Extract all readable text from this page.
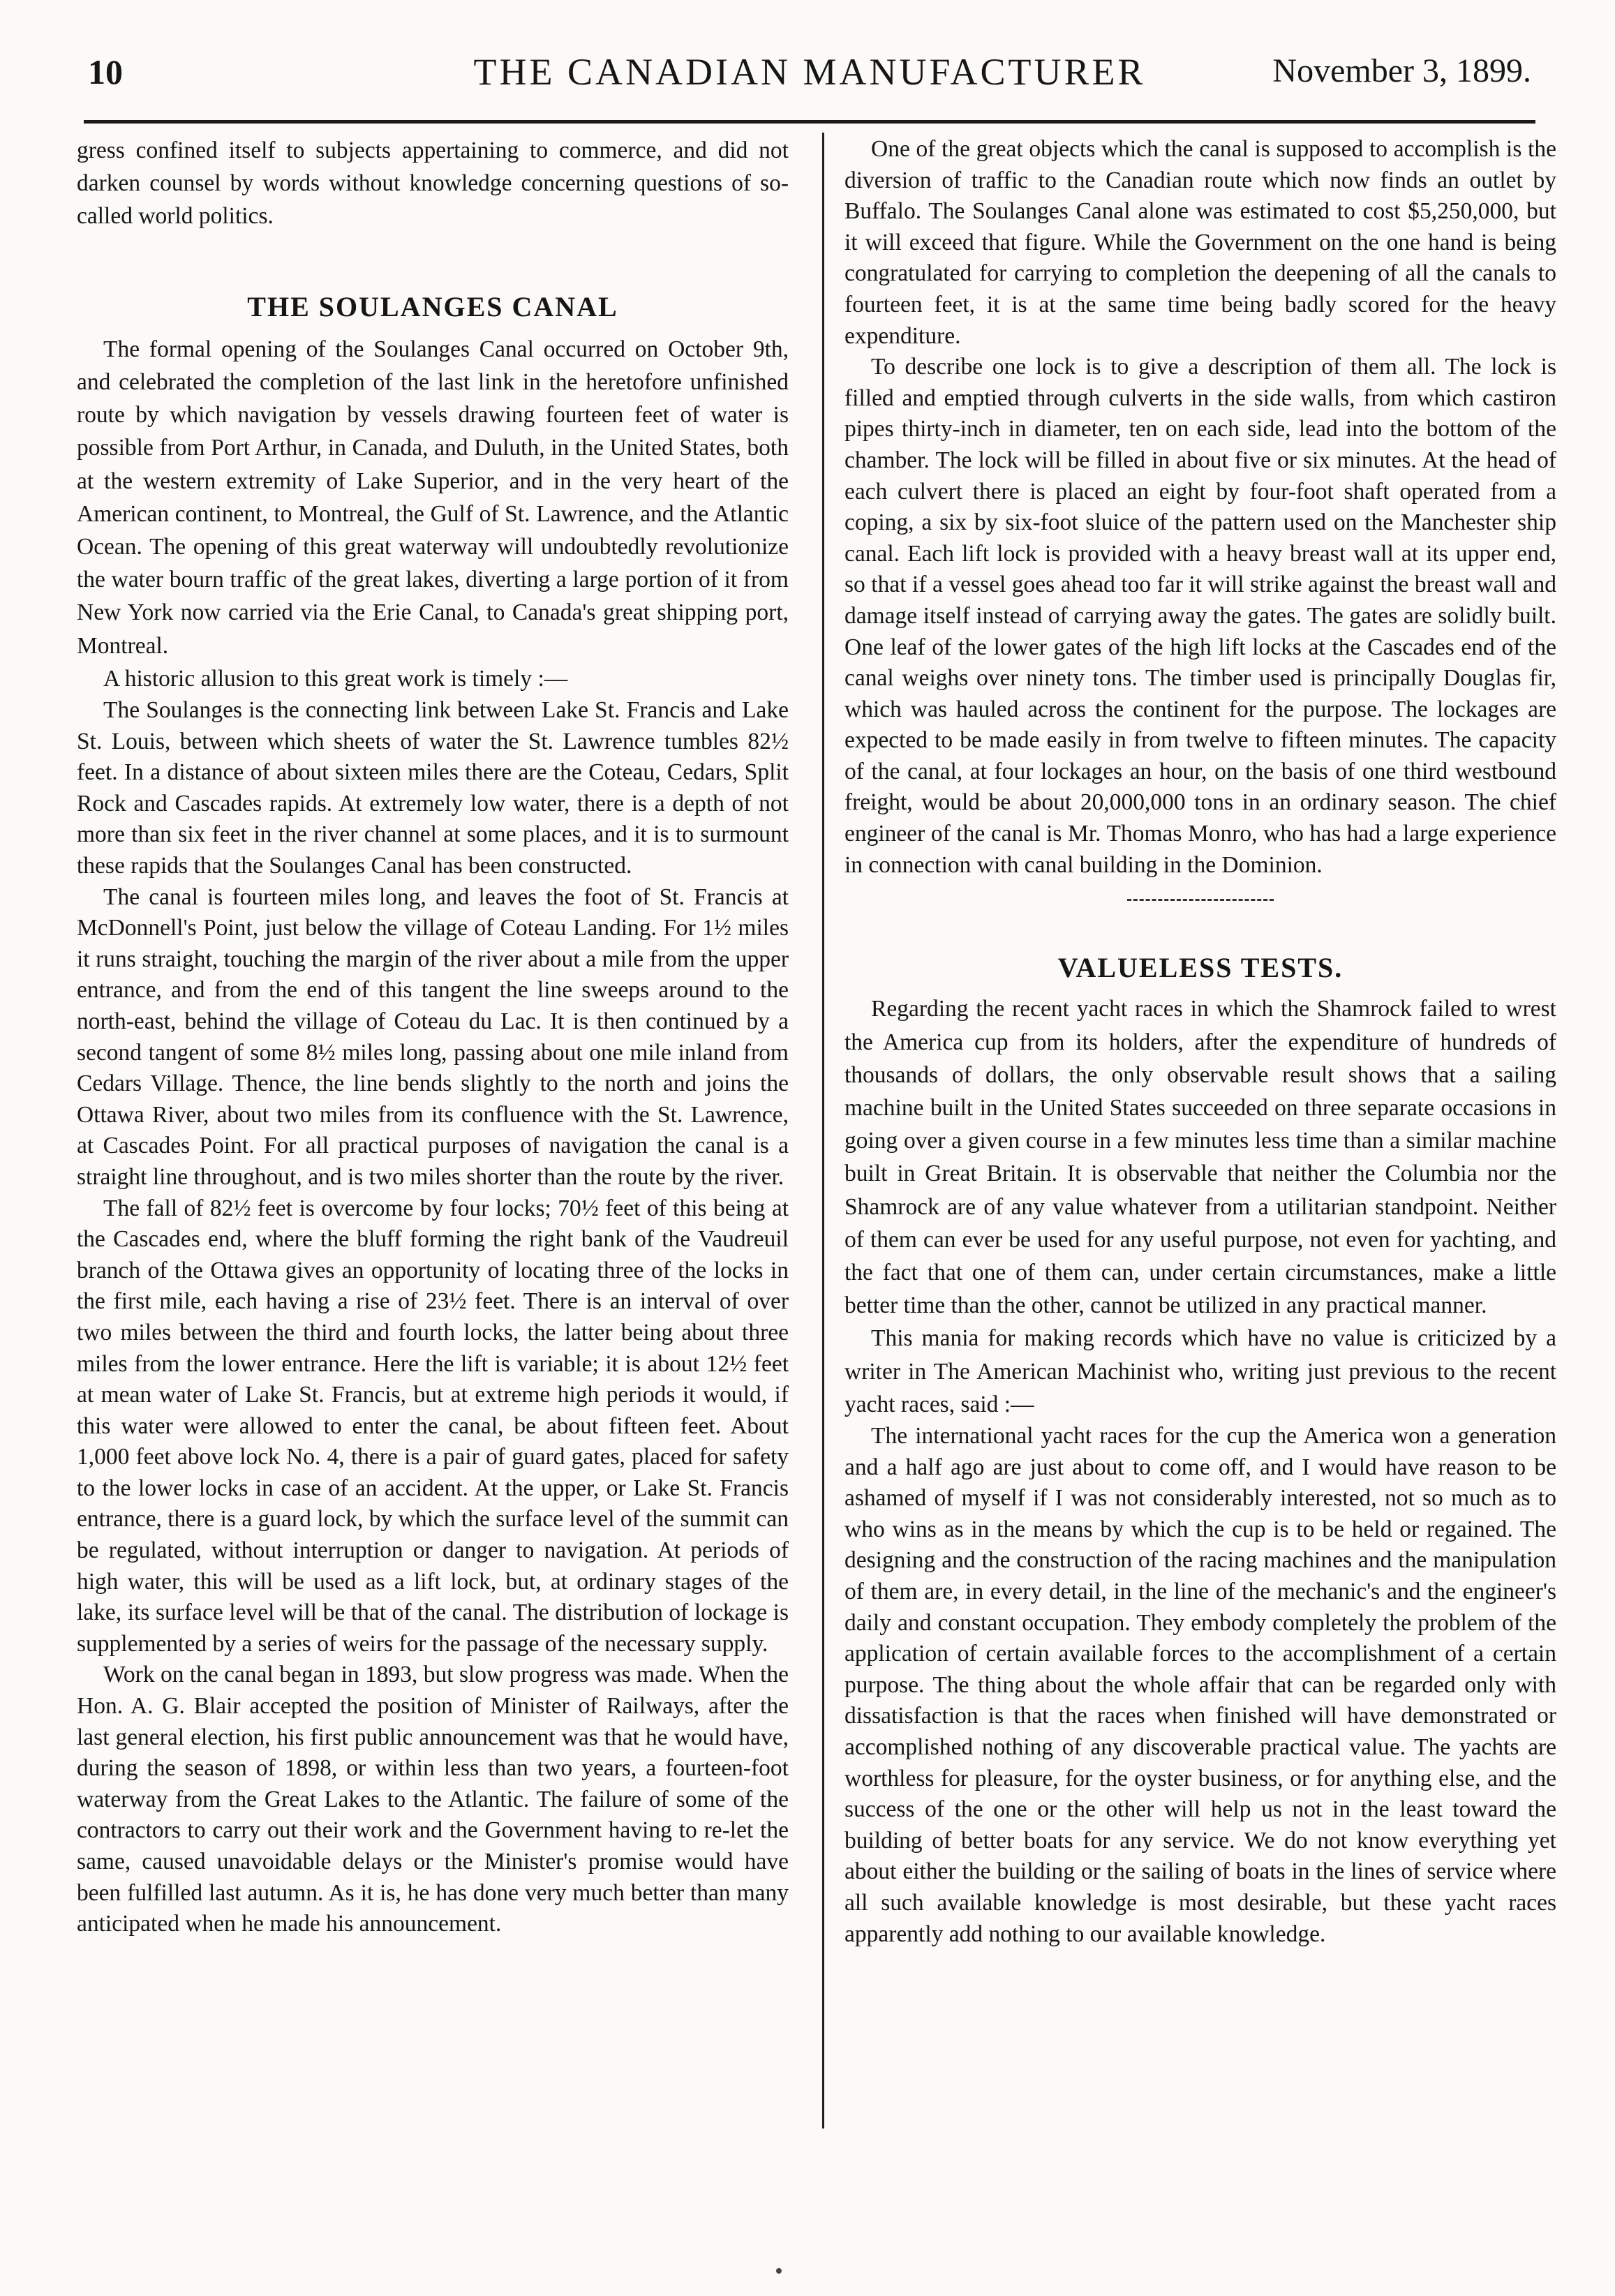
10	THE CANADIAN MANUFACTURER	November 3, 1899.

gress confined itself to subjects appertaining to commerce, and did not darken counsel by words without knowledge concerning questions of so-called world politics.

THE SOULANGES CANAL

The formal opening of the Soulanges Canal occurred on October 9th, and celebrated the completion of the last link in the heretofore unfinished route by which navigation by vessels drawing fourteen feet of water is possible from Port Arthur, in Canada, and Duluth, in the United States, both at the western extremity of Lake Superior, and in the very heart of the American continent, to Montreal, the Gulf of St. Lawrence, and the Atlantic Ocean. The opening of this great waterway will undoubtedly revolutionize the water bourn traffic of the great lakes, diverting a large portion of it from New York now carried via the Erie Canal, to Canada's great shipping port, Montreal.

A historic allusion to this great work is timely :—

The Soulanges is the connecting link between Lake St. Francis and Lake St. Louis, between which sheets of water the St. Lawrence tumbles 82½ feet. In a distance of about sixteen miles there are the Coteau, Cedars, Split Rock and Cascades rapids. At extremely low water, there is a depth of not more than six feet in the river channel at some places, and it is to surmount these rapids that the Soulanges Canal has been constructed.

The canal is fourteen miles long, and leaves the foot of St. Francis at McDonnell's Point, just below the village of Coteau Landing. For 1½ miles it runs straight, touching the margin of the river about a mile from the upper entrance, and from the end of this tangent the line sweeps around to the north-east, behind the village of Coteau du Lac. It is then continued by a second tangent of some 8½ miles long, passing about one mile inland from Cedars Village. Thence, the line bends slightly to the north and joins the Ottawa River, about two miles from its confluence with the St. Lawrence, at Cascades Point. For all practical purposes of navigation the canal is a straight line throughout, and is two miles shorter than the route by the river.

The fall of 82½ feet is overcome by four locks; 70½ feet of this being at the Cascades end, where the bluff forming the right bank of the Vaudreuil branch of the Ottawa gives an opportunity of locating three of the locks in the first mile, each having a rise of 23½ feet. There is an interval of over two miles between the third and fourth locks, the latter being about three miles from the lower entrance. Here the lift is variable; it is about 12½ feet at mean water of Lake St. Francis, but at extreme high periods it would, if this water were allowed to enter the canal, be about fifteen feet. About 1,000 feet above lock No. 4, there is a pair of guard gates, placed for safety to the lower locks in case of an accident. At the upper, or Lake St. Francis entrance, there is a guard lock, by which the surface level of the summit can be regulated, without interruption or danger to navigation. At periods of high water, this will be used as a lift lock, but, at ordinary stages of the lake, its surface level will be that of the canal. The distribution of lockage is supplemented by a series of weirs for the passage of the necessary supply.

Work on the canal began in 1893, but slow progress was made. When the Hon. A. G. Blair accepted the position of Minister of Railways, after the last general election, his first public announcement was that he would have, during the season of 1898, or within less than two years, a fourteen-foot waterway from the Great Lakes to the Atlantic. The failure of some of the contractors to carry out their work and the Government having to re-let the same, caused unavoidable delays or the Minister's promise would have been fulfilled last autumn. As it is, he has done very much better than many anticipated when he made his announcement.

One of the great objects which the canal is supposed to accomplish is the diversion of traffic to the Canadian route which now finds an outlet by Buffalo. The Soulanges Canal alone was estimated to cost $5,250,000, but it will exceed that figure. While the Government on the one hand is being congratulated for carrying to completion the deepening of all the canals to fourteen feet, it is at the same time being badly scored for the heavy expenditure.

To describe one lock is to give a description of them all. The lock is filled and emptied through culverts in the side walls, from which castiron pipes thirty-inch in diameter, ten on each side, lead into the bottom of the chamber. The lock will be filled in about five or six minutes. At the head of each culvert there is placed an eight by four-foot shaft operated from a coping, a six by six-foot sluice of the pattern used on the Manchester ship canal. Each lift lock is provided with a heavy breast wall at its upper end, so that if a vessel goes ahead too far it will strike against the breast wall and damage itself instead of carrying away the gates. The gates are solidly built. One leaf of the lower gates of the high lift locks at the Cascades end of the canal weighs over ninety tons. The timber used is principally Douglas fir, which was hauled across the continent for the purpose. The lockages are expected to be made easily in from twelve to fifteen minutes. The capacity of the canal, at four lockages an hour, on the basis of one third westbound freight, would be about 20,000,000 tons in an ordinary season. The chief engineer of the canal is Mr. Thomas Monro, who has had a large experience in connection with canal building in the Dominion.

VALUELESS TESTS.

Regarding the recent yacht races in which the Shamrock failed to wrest the America cup from its holders, after the expenditure of hundreds of thousands of dollars, the only observable result shows that a sailing machine built in the United States succeeded on three separate occasions in going over a given course in a few minutes less time than a similar machine built in Great Britain. It is observable that neither the Columbia nor the Shamrock are of any value whatever from a utilitarian standpoint. Neither of them can ever be used for any useful purpose, not even for yachting, and the fact that one of them can, under certain circumstances, make a little better time than the other, cannot be utilized in any practical manner.

This mania for making records which have no value is criticized by a writer in The American Machinist who, writing just previous to the recent yacht races, said :—

The international yacht races for the cup the America won a generation and a half ago are just about to come off, and I would have reason to be ashamed of myself if I was not considerably interested, not so much as to who wins as in the means by which the cup is to be held or regained. The designing and the construction of the racing machines and the manipulation of them are, in every detail, in the line of the mechanic's and the engineer's daily and constant occupation. They embody completely the problem of the application of certain available forces to the accomplishment of a certain purpose. The thing about the whole affair that can be regarded only with dissatisfaction is that the races when finished will have demonstrated or accomplished nothing of any discoverable practical value. The yachts are worthless for pleasure, for the oyster business, or for anything else, and the success of the one or the other will help us not in the least toward the building of better boats for any service. We do not know everything yet about either the building or the sailing of boats in the lines of service where all such available knowledge is most desirable, but these yacht races apparently add nothing to our available knowledge.
